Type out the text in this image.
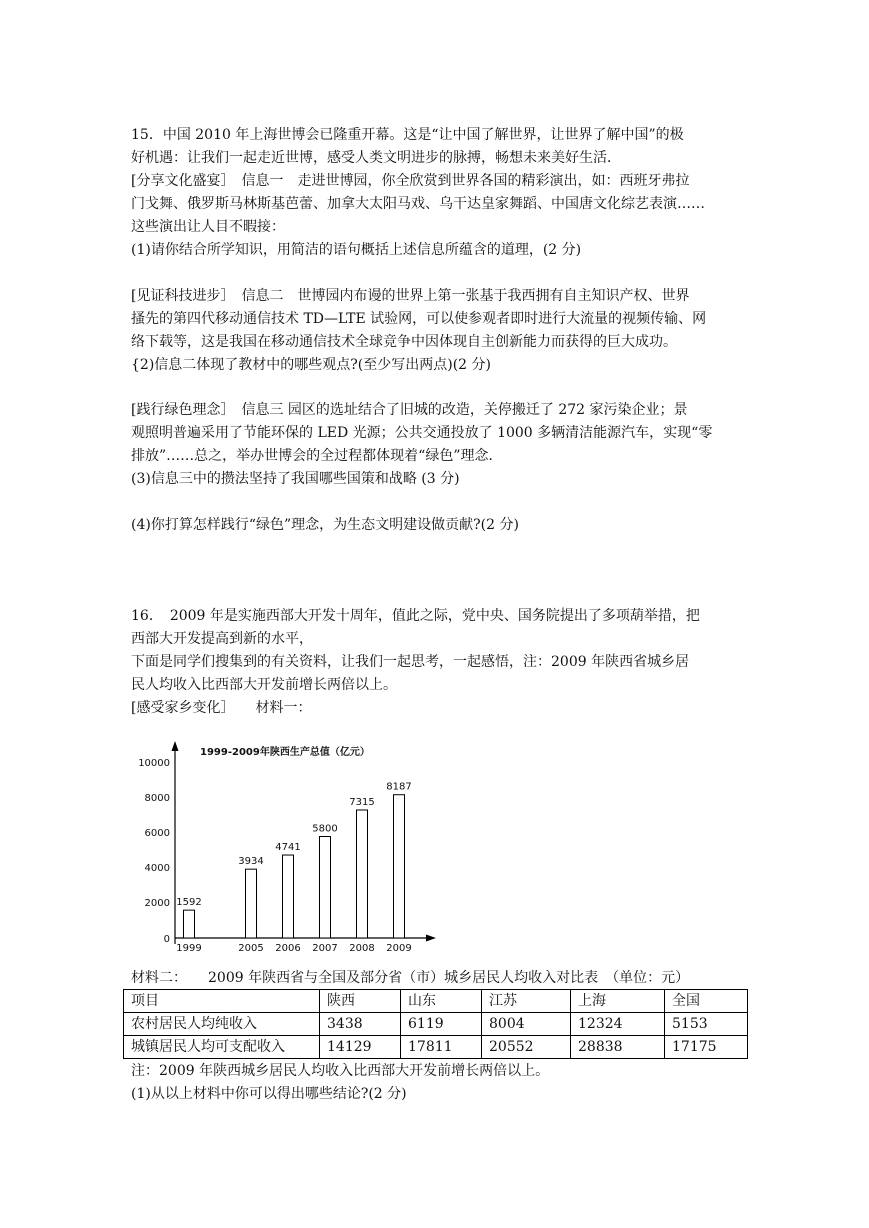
15．中国 2010 年上海世博会已隆重开幕。这是“让中国了解世界，让世界了解中国”的极
好机遇：让我们一起走近世博，感受人类文明进步的脉搏，畅想未来美好生活．
[分享文化盛宴］　信息一　走进世博园，你全欣赏到世界各国的精彩演出，如：西班牙弗拉
门戈舞、俄罗斯马林斯基芭蕾、加拿大太阳马戏、乌干达皇家舞蹈、中国唐文化综艺表演……
这些演出让人目不暇接：
(1)请你结合所学知识，用简洁的语句概括上述信息所蕴含的道理，(2 分)
[见证科技进步］　信息二　世博园内布谩的世界上第一张基于我西拥有自主知识产权、世界
搔先的第四代移动通信技术 TD—LTE 试验网，可以使参观者即时进行大流量的视频传输、网
络下载等，这是我国在移动通信技术全球竞争中因体现自主创新能力而获得的巨大成功。
{2)信息二体现了教材中的哪些观点?(至少写出两点)(2 分)
[践行绿色理念］　信息三 园区的选址结合了旧城的改造，关停搬迁了 272 家污染企业；景
观照明普遍采用了节能环保的 LED 光源；公共交通投放了 1000 多辆清洁能源汽车，实现“零
排放”……总之，举办世博会的全过程都体现着“绿色”理念．
(3)信息三中的攒法坚持了我国哪些国策和战略 (3 分)
(4)你打算怎样践行“绿色”理念，为生态文明建设做贡献?(2 分)
16．　2009 年是实施西部大开发十周年，值此之际，党中央、国务院提出了多项葫举措，把
西部大开发提高到新的水平，
下面是同学们搜集到的有关资料，让我们一起思考，一起感悟，注：2009 年陕西省城乡居
民人均收入比西部大开发前增长两倍以上。
[感受家乡变化］　　材料一：
1999-2009年陕西生产总值（亿元）
0
2000
4000
6000
8000
10000
1592
1999
3934
2005
4741
2006
5800
2007
7315
2008
8187
2009
材料二：　　2009 年陕西省与全国及部分省（市）城乡居民人均收入对比表　（单位：元）
项目	陕西	山东	江苏	上海	全国
农村居民人均纯收入	3438	6119	8004	12324	5153
城镇居民人均可支配收入	14129	17811	20552	28838	17175
注：2009 年陕西城乡居民人均收入比西部大开发前增长两倍以上。
(1)从以上材料中你可以得出哪些结论?(2 分)
